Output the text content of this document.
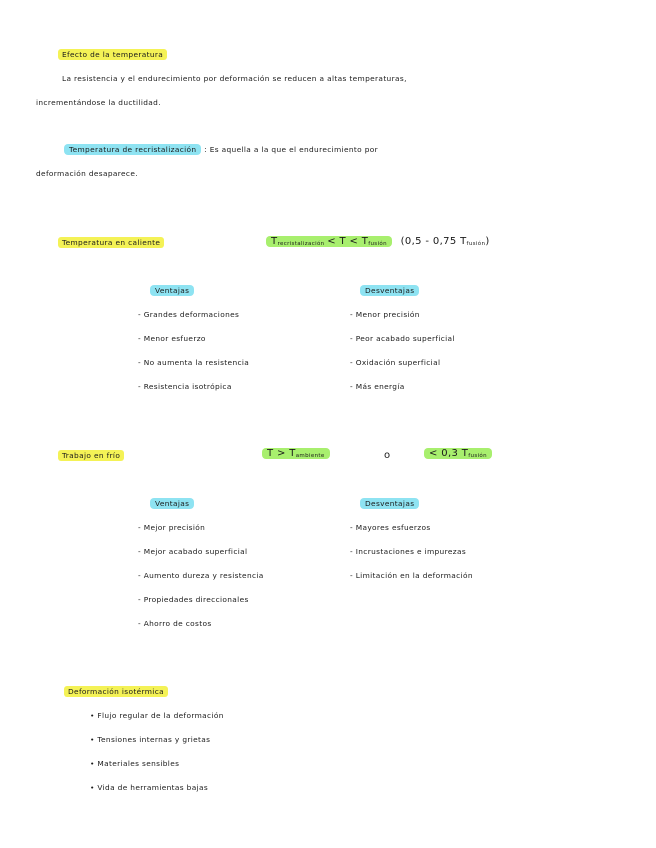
Efecto de la temperatura
La resistencia y el endurecimiento por deformación se reducen a altas temperaturas,
incrementándose la ductilidad.
Temperatura de recristalización : Es aquella a la que el endurecimiento por
deformación desaparece.
Temperatura en caliente	$T_{recristalización} < T < T_{fusión}$ (0,5 - 0,75 $T_{fusión}$)
Ventajas	Desventajas
- Grandes deformaciones
- Menor esfuerzo
- No aumenta la resistencia
- Resistencia isotrópica
- Menor precisión
- Peor acabado superficial
- Oxidación superficial
- Más energía
Trabajo en frío	$T > T_{ambiente}$	o	< 0,3 $T_{fusión}$
Ventajas	Desventajas
- Mejor precisión
- Mejor acabado superficial
- Aumento dureza y resistencia
- Propiedades direccionales
- Ahorro de costos
- Mayores esfuerzos
- Incrustaciones e impurezas
- Limitación en la deformación
Deformación isotérmica
• Flujo regular de la deformación
• Tensiones internas y grietas
• Materiales sensibles
• Vida de herramientas bajas
